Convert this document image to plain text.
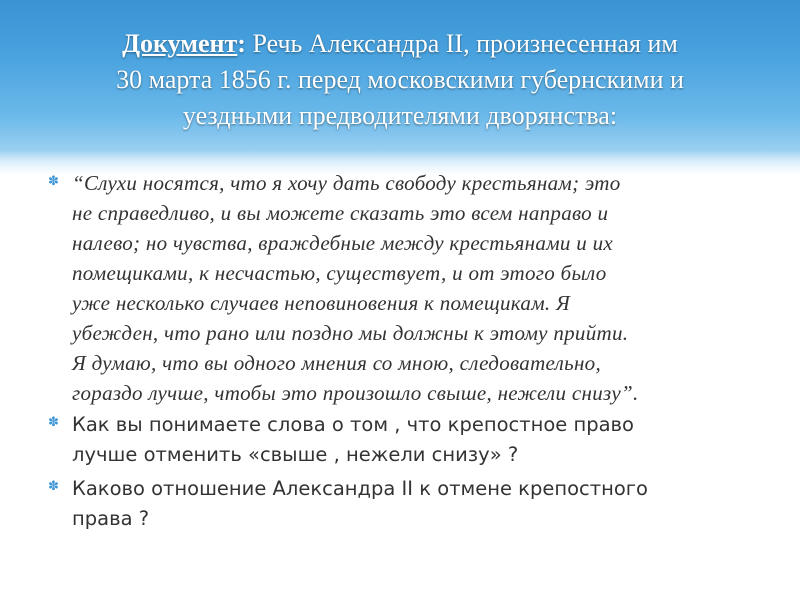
Документ: Речь Александра II, произнесенная им
30 марта 1856 г. перед московскими губернскими и
уездными предводителями дворянства:
✽ “Слухи носятся, что я хочу дать свободу крестьянам; это
не справедливо, и вы можете сказать это всем направо и
налево; но чувства, враждебные между крестьянами и их
помещиками, к несчастью, существует, и от этого было
уже несколько случаев неповиновения к помещикам. Я
убежден, что рано или поздно мы должны к этому прийти.
Я думаю, что вы одного мнения со мною, следовательно,
гораздо лучше, чтобы это произошло свыше, нежели снизу”.
✽ Как вы понимаете слова о том , что крепостное право
лучше отменить «свыше , нежели снизу» ?
✽ Каково отношение Александра II к отмене крепостного
права ?
